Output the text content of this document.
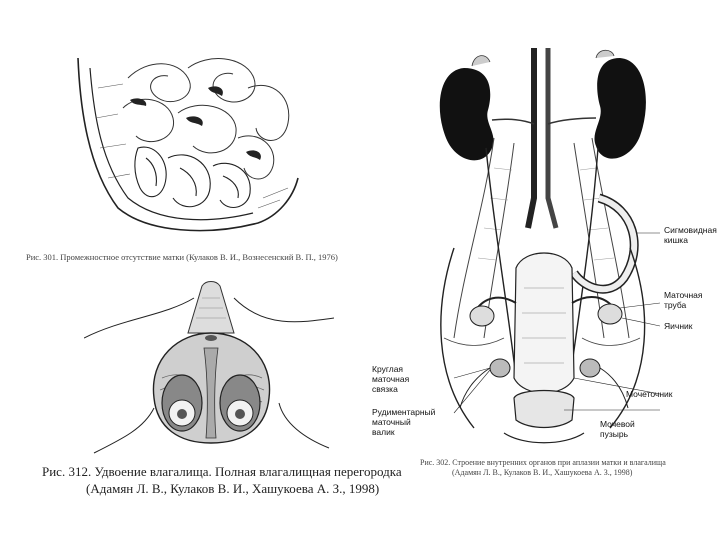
Рис. 301. Промежностное отсутствие матки (Кулаков В. И., Вознесенский В. П., 1976)
Рис. 312. Удвоение влагалища. Полная влагалищная перегородка
(Адамян Л. В., Кулаков В. И., Хашукоева А. З., 1998)
Сигмовидная кишка
Маточная труба
Яичник
Круглая маточная связка
Рудиментарный маточный валик
Мочеточник
Мочевой пузырь
Рис. 302. Строение внутренних органов при аплазии матки и влагалища
(Адамян Л. В., Кулаков В. И., Хашукоева А. З., 1998)
